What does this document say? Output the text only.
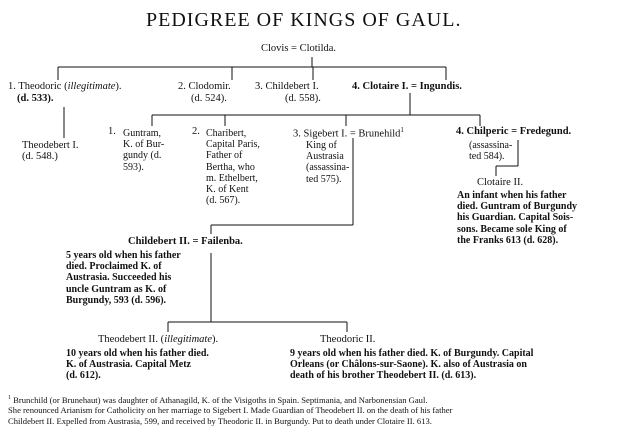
PEDIGREE OF KINGS OF GAUL.
Clovis = Clotilda.
1. Theodoric (illegitimate).
(d. 533).
2. Clodomir.
(d. 524).
3. Childebert I.
(d. 558).
4. Clotaire I. = Ingundis.
Theodebert I.
(d. 548.)
1. Guntram,
K. of Bur-
gundy (d.
593).
2. Charibert,
Capital Paris,
Father of
Bertha, who
m. Ethelbert,
K. of Kent
(d. 567).
3. Sigebert I. = Brunehild$^1$
King of
Austrasia
(assassina-
ted 575).
4. Chilperic = Fredegund.
(assassina-
ted 584).
Clotaire II.
An infant when his father
died. Guntram of Burgundy
his Guardian. Capital Sois-
sons. Became sole King of
the Franks 613 (d. 628).
Childebert II. = Failenba.
5 years old when his father
died. Proclaimed K. of
Austrasia. Succeeded his
uncle Guntram as K. of
Burgundy, 593 (d. 596).
Theodebert II. (illegitimate).
10 years old when his father died.
K. of Austrasia. Capital Metz
(d. 612).
Theodoric II.
9 years old when his father died. K. of Burgundy. Capital
Orleans (or Châlons-sur-Saone). K. also of Austrasia on
death of his brother Theodebert II. (d. 613).
$^1$ Brunchild (or Brunehaut) was daughter of Athanagild, K. of the Visigoths in Spain. Septimania, and Narbonensian Gaul.
She renounced Arianism for Catholicity on her marriage to Sigebert I. Made Guardian of Theodebert II. on the death of his father
Childebert II. Expelled from Austrasia, 599, and received by Theodoric II. in Burgundy. Put to death under Clotaire II. 613.
